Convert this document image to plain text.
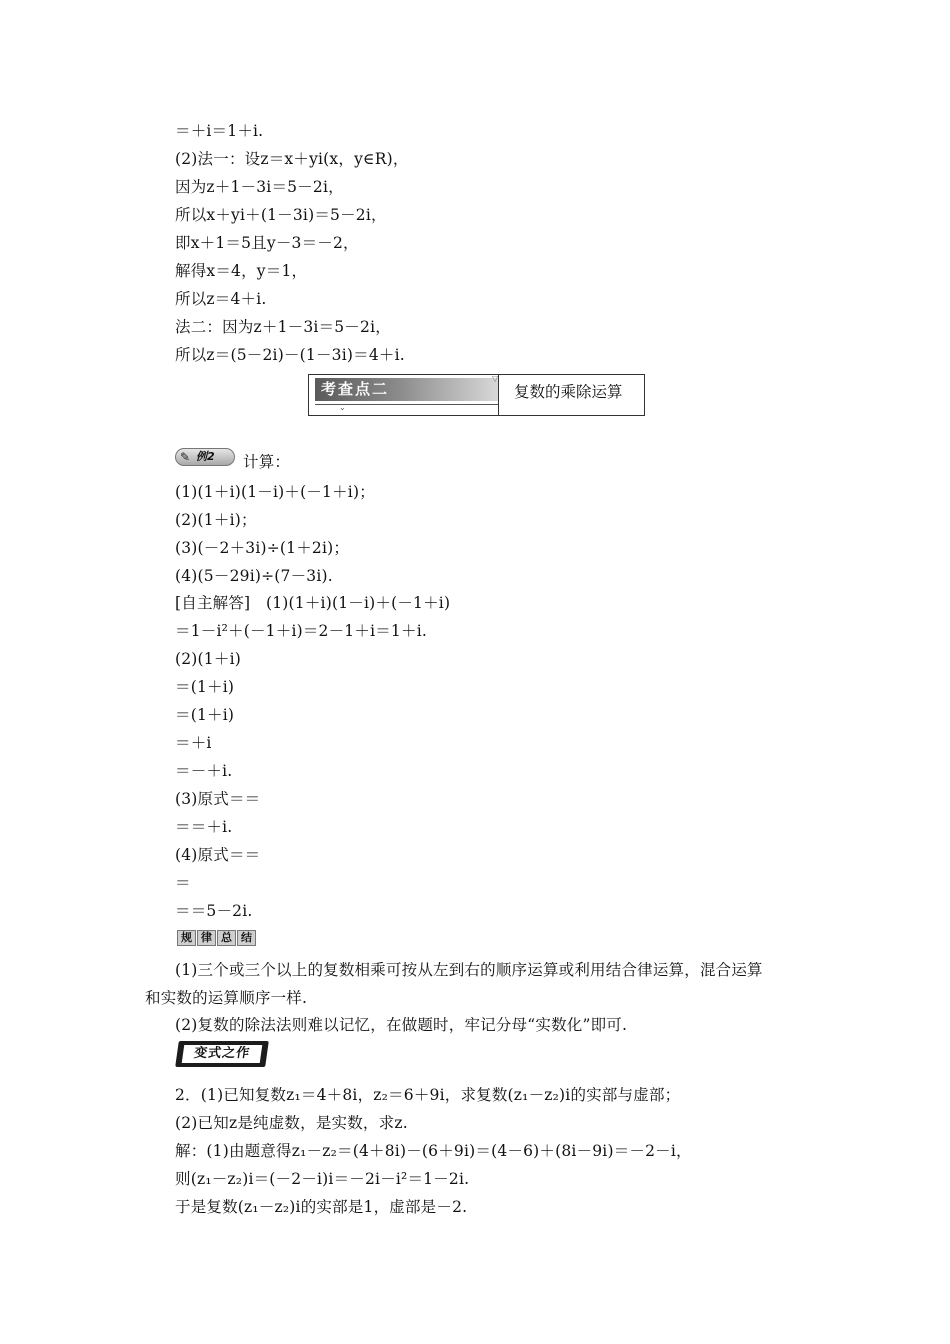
＝＋i＝1＋i.
(2)法一：设z＝x＋yi(x，y∈R)，
因为z＋1－3i＝5－2i，
所以x＋yi＋(1－3i)＝5－2i，
即x＋1＝5且y－3＝－2，
解得x＝4，y＝1，
所以z＝4＋i.
法二：因为z＋1－3i＝5－2i，
所以z＝(5－2i)－(1－3i)＝4＋i.
考查点二
⌄
▽
复数的乘除运算
✎ 例2 计算：
(1)(1＋i)(1－i)＋(－1＋i)；
(2)(1＋i)；
(3)(－2＋3i)÷(1＋2i)；
(4)(5－29i)÷(7－3i).
[自主解答]　(1)(1＋i)(1－i)＋(－1＋i)
＝1－i²＋(－1＋i)＝2－1＋i＝1＋i.
(2)(1＋i)
＝(1＋i)
＝(1＋i)
＝＋i
＝－＋i.
(3)原式＝＝
＝＝＋i.
(4)原式＝＝
＝
＝＝5－2i.
规 律 总 结
(1)三个或三个以上的复数相乘可按从左到右的顺序运算或利用结合律运算，混合运算
和实数的运算顺序一样.
(2)复数的除法法则难以记忆，在做题时，牢记分母“实数化”即可.
变式之作
2．(1)已知复数z₁＝4＋8i，z₂＝6＋9i，求复数(z₁－z₂)i的实部与虚部；
(2)已知z是纯虚数，是实数，求z.
解：(1)由题意得z₁－z₂＝(4＋8i)－(6＋9i)＝(4－6)＋(8i－9i)＝－2－i，
则(z₁－z₂)i＝(－2－i)i＝－2i－i²＝1－2i.
于是复数(z₁－z₂)i的实部是1，虚部是－2.
